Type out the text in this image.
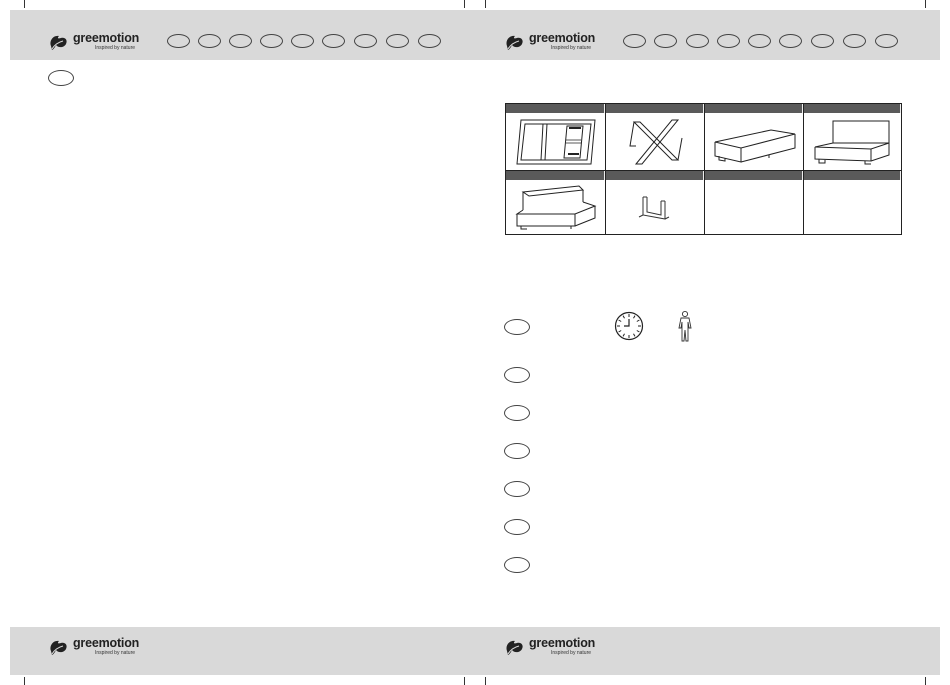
greemotion
Inspired by nature
greemotion
Inspired by nature
greemotion
Inspired by nature
greemotion
Inspired by nature
